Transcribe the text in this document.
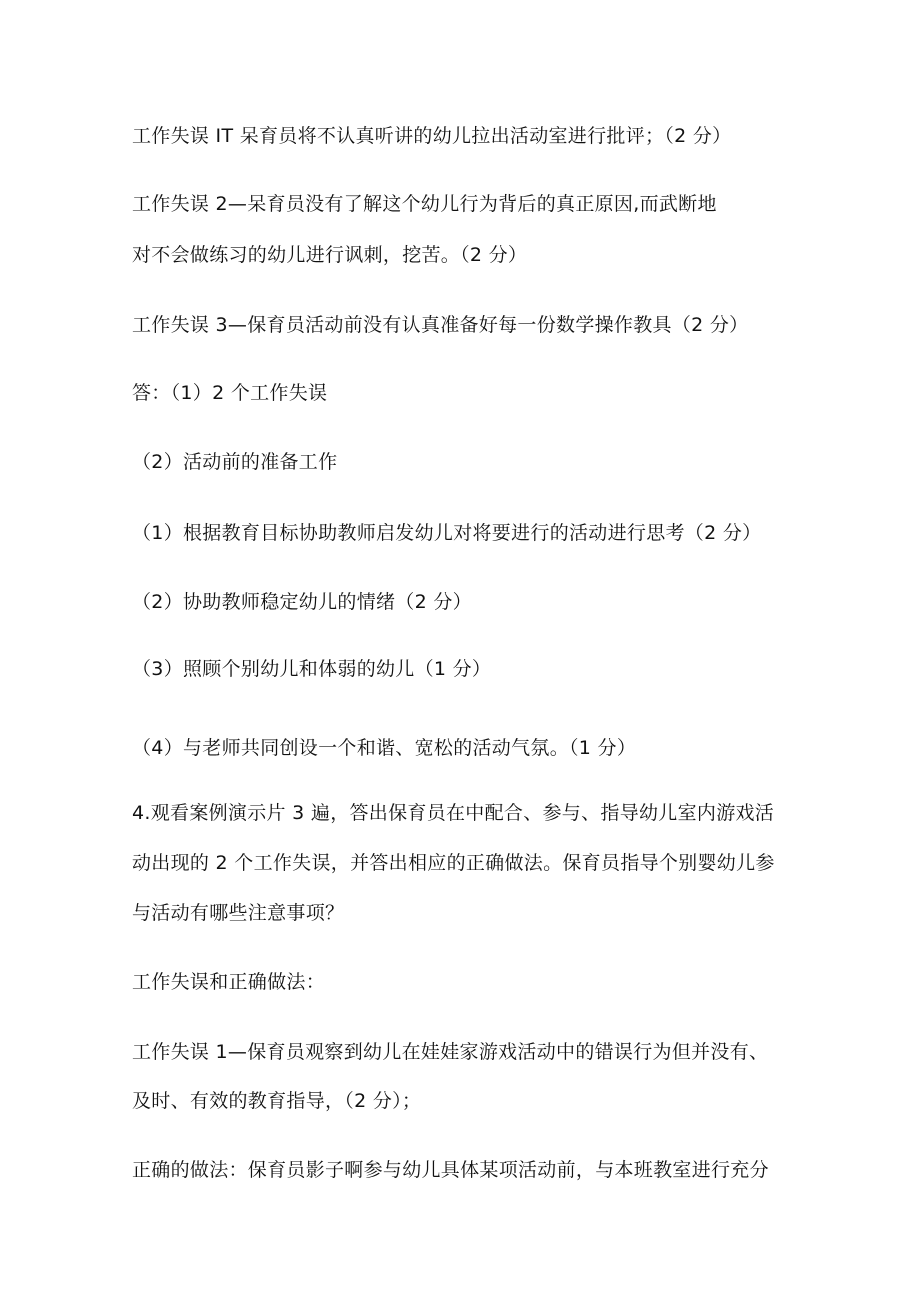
工作失误 IT 呆育员将不认真听讲的幼儿拉出活动室进行批评；（2 分）
工作失误 2—呆育员没有了解这个幼儿行为背后的真正原因,而武断地
对不会做练习的幼儿进行讽刺，挖苦。（2 分）
工作失误 3—保育员活动前没有认真准备好每一份数学操作教具（2 分）
答：（1）2 个工作失误
（2）活动前的准备工作
（1）根据教育目标协助教师启发幼儿对将要进行的活动进行思考（2 分）
（2）协助教师稳定幼儿的情绪（2 分）
（3）照顾个别幼儿和体弱的幼儿（1 分）
（4）与老师共同创设一个和谐、宽松的活动气氛。（1 分）
4.观看案例演示片 3 遍，答出保育员在中配合、参与、指导幼儿室内游戏活
动出现的 2 个工作失误，并答出相应的正确做法。保育员指导个别婴幼儿参
与活动有哪些注意事项？
工作失误和正确做法：
工作失误 1—保育员观察到幼儿在娃娃家游戏活动中的错误行为但并没有、
及时、有效的教育指导，（2 分）；
正确的做法：保育员影子啊参与幼儿具体某项活动前，与本班教室进行充分
